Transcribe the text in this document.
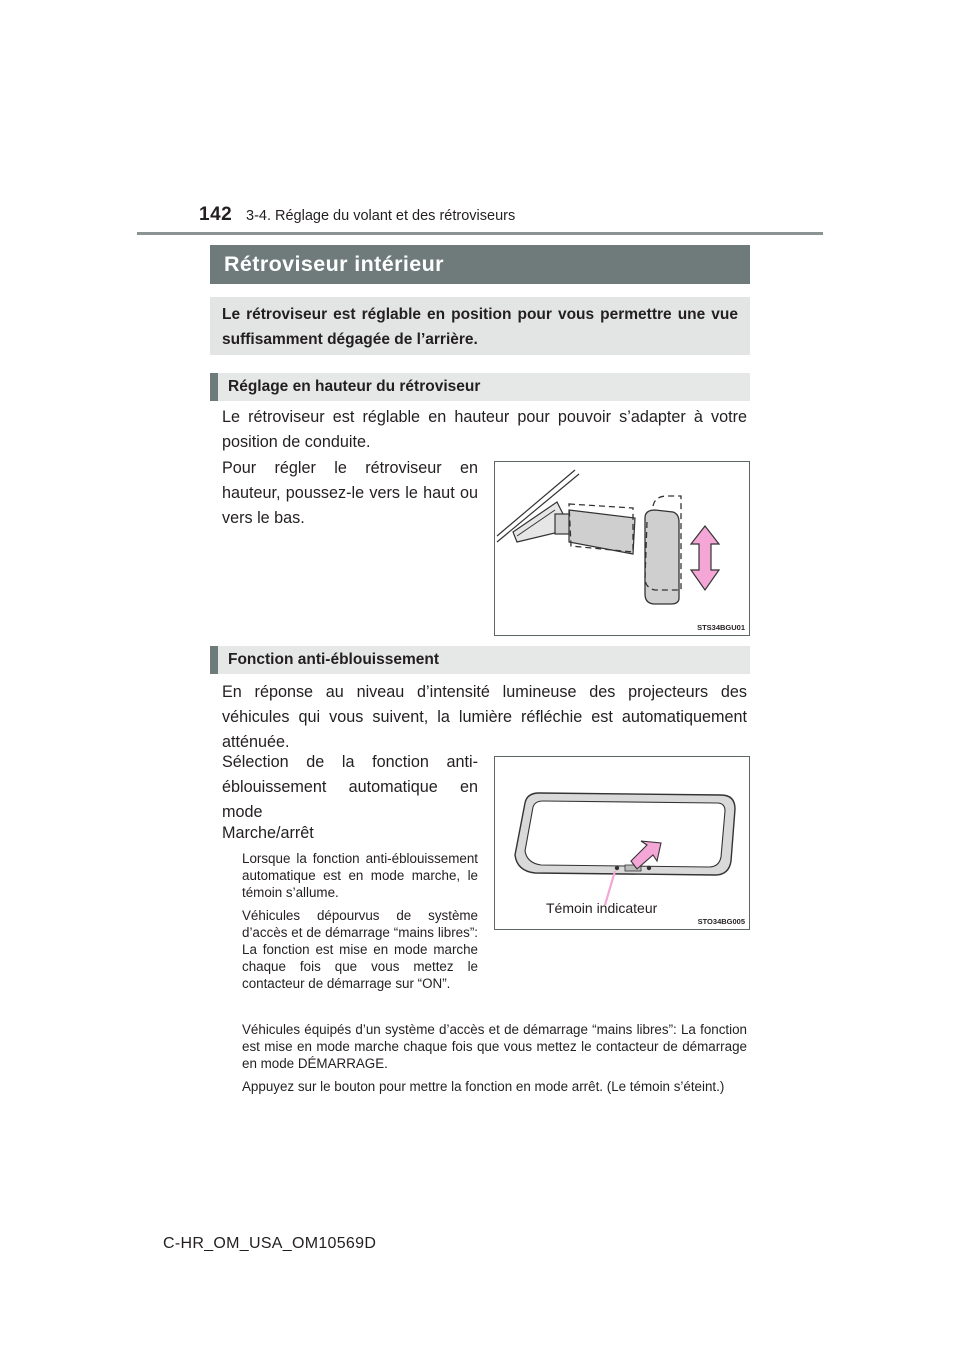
142 3-4. Réglage du volant et des rétroviseurs
Rétroviseur intérieur
Le rétroviseur est réglable en position pour vous permettre une vue suffisamment dégagée de l’arrière.
Réglage en hauteur du rétroviseur
Le rétroviseur est réglable en hauteur pour pouvoir s’adapter à votre position de conduite.
Pour régler le rétroviseur en hauteur, poussez-le vers le haut ou vers le bas.
STS34BGU01
Fonction anti-éblouissement
En réponse au niveau d’intensité lumineuse des projecteurs des véhicules qui vous suivent, la lumière réfléchie est automatiquement atténuée.
Sélection de la fonction anti-éblouissement automatique en mode
Marche/arrêt

Lorsque la fonction anti-éblouissement automatique est en mode marche, le témoin s’allume.

Véhicules dépourvus de système d’accès et de démarrage “mains libres”: La fonction est mise en mode marche chaque fois que vous mettez le contacteur de démarrage sur “ON”.

Véhicules équipés d’un système d’accès et de démarrage “mains libres”: La fonction est mise en mode marche chaque fois que vous mettez le contacteur de démarrage en mode DÉMARRAGE.

Appuyez sur le bouton pour mettre la fonction en mode arrêt. (Le témoin s’éteint.)

Témoin indicateur
STO34BG005
C-HR_OM_USA_OM10569D
